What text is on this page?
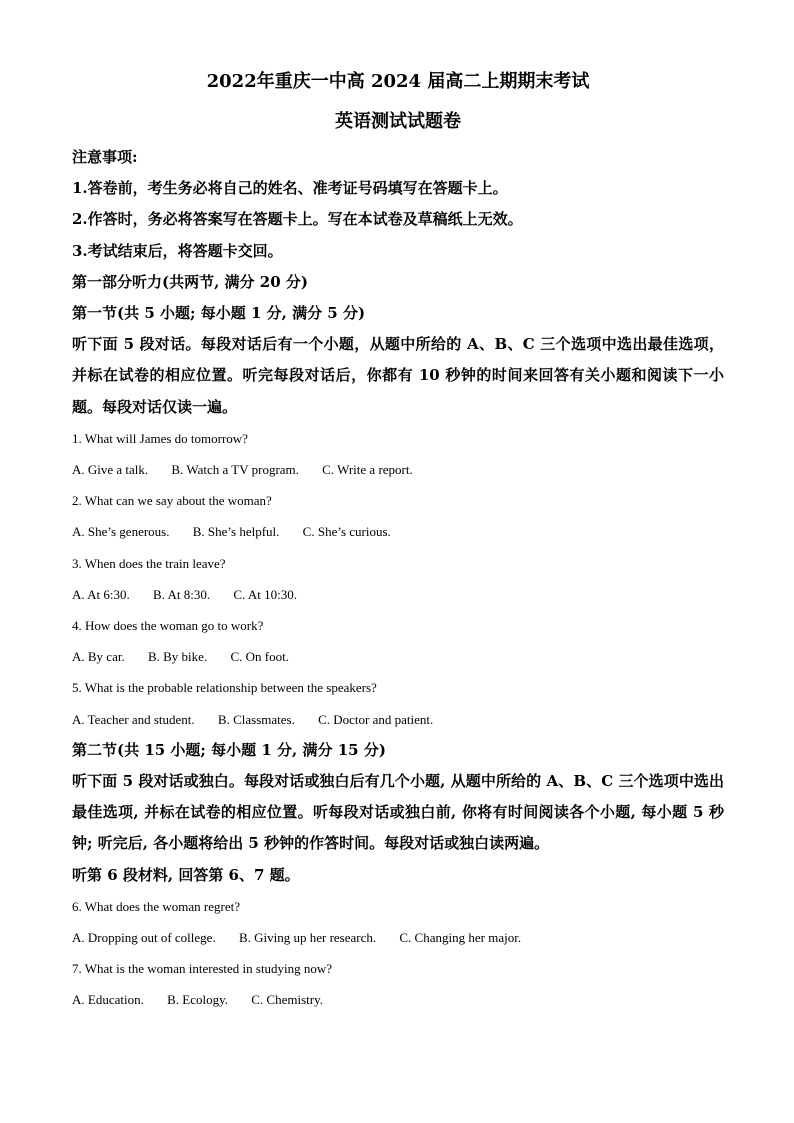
2022年重庆一中高 2024 届高二上期期末考试

英语测试试题卷

注意事项:

1.答卷前，考生务必将自己的姓名、准考证号码填写在答题卡上。

2.作答时，务必将答案写在答题卡上。写在本试卷及草稿纸上无效。

3.考试结束后，将答题卡交回。

第一部分听力(共两节, 满分 20 分)

第一节(共 5 小题; 每小题 1 分, 满分 5 分)

听下面 5 段对话。每段对话后有一个小题，从题中所给的 A、B、C 三个选项中选出最佳选项，并标在试卷的相应位置。听完每段对话后，你都有 10 秒钟的时间来回答有关小题和阅读下一小题。每段对话仅读一遍。

1. What will James do tomorrow?

A. Give a talk. B. Watch a TV program. C. Write a report.

2. What can we say about the woman?

A. She’s generous. B. She’s helpful. C. She’s curious.

3. When does the train leave?

A. At 6:30. B. At 8:30. C. At 10:30.

4. How does the woman go to work?

A. By car. B. By bike. C. On foot.

5. What is the probable relationship between the speakers?

A. Teacher and student. B. Classmates. C. Doctor and patient.

第二节(共 15 小题; 每小题 1 分, 满分 15 分)

听下面 5 段对话或独白。每段对话或独白后有几个小题, 从题中所给的 A、B、C 三个选项中选出最佳选项, 并标在试卷的相应位置。听每段对话或独白前, 你将有时间阅读各个小题, 每小题 5 秒钟; 听完后, 各小题将给出 5 秒钟的作答时间。每段对话或独白读两遍。

听第 6 段材料, 回答第 6、7 题。

6. What does the woman regret?

A. Dropping out of college. B. Giving up her research. C. Changing her major.

7. What is the woman interested in studying now?

A. Education. B. Ecology. C. Chemistry.
